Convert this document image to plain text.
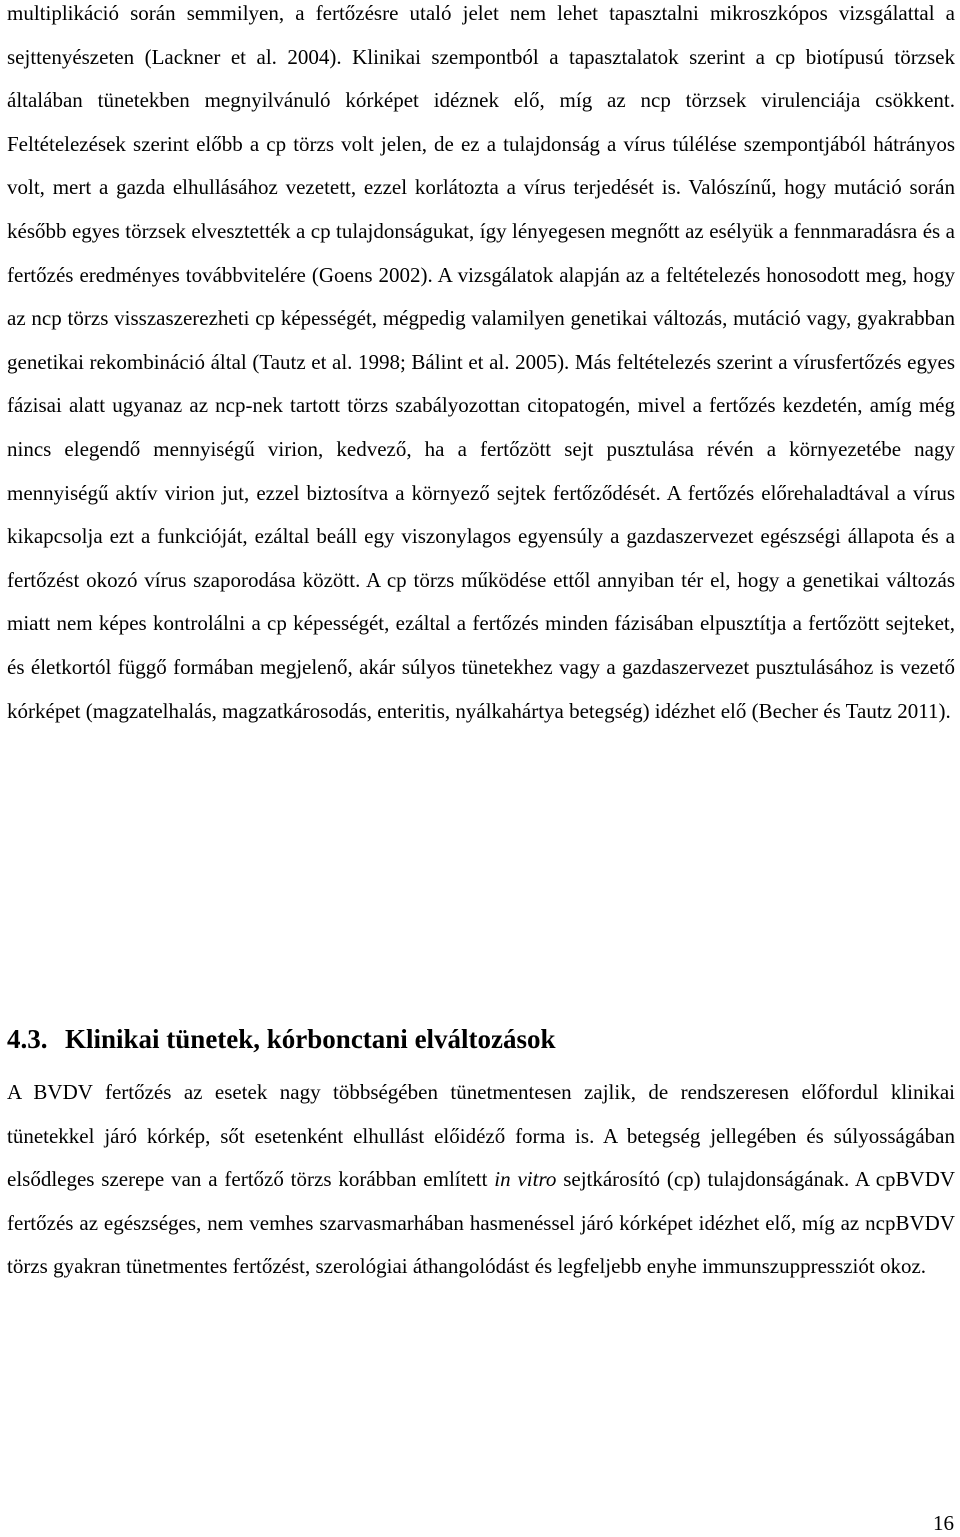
multiplikáció során semmilyen, a fertőzésre utaló jelet nem lehet tapasztalni mikroszkópos vizsgálattal a sejttenyészeten (Lackner et al. 2004). Klinikai szempontból a tapasztalatok szerint a cp biotípusú törzsek általában tünetekben megnyilvánuló kórképet idéznek elő, míg az ncp törzsek virulenciája csökkent. Feltételezések szerint előbb a cp törzs volt jelen, de ez a tulajdonság a vírus túlélése szempontjából hátrányos volt, mert a gazda elhullásához vezetett, ezzel korlátozta a vírus terjedését is. Valószínű, hogy mutáció során később egyes törzsek elvesztették a cp tulajdonságukat, így lényegesen megnőtt az esélyük a fennmaradásra és a fertőzés eredményes továbbvitelére (Goens 2002). A vizsgálatok alapján az a feltételezés honosodott meg, hogy az ncp törzs visszaszerezheti cp képességét, mégpedig valamilyen genetikai változás, mutáció vagy, gyakrabban genetikai rekombináció által (Tautz et al. 1998; Bálint et al. 2005). Más feltételezés szerint a vírusfertőzés egyes fázisai alatt ugyanaz az ncp-nek tartott törzs szabályozottan citopatogén, mivel a fertőzés kezdetén, amíg még nincs elegendő mennyiségű virion, kedvező, ha a fertőzött sejt pusztulása révén a környezetébe nagy mennyiségű aktív virion jut, ezzel biztosítva a környező sejtek fertőződését. A fertőzés előrehaladtával a vírus kikapcsolja ezt a funkcióját, ezáltal beáll egy viszonylagos egyensúly a gazdaszervezet egészségi állapota és a fertőzést okozó vírus szaporodása között. A cp törzs működése ettől annyiban tér el, hogy a genetikai változás miatt nem képes kontrolálni a cp képességét, ezáltal a fertőzés minden fázisában elpusztítja a fertőzött sejteket, és életkortól függő formában megjelenő, akár súlyos tünetekhez vagy a gazdaszervezet pusztulásához is vezető kórképet (magzatelhalás, magzatkárosodás, enteritis, nyálkahártya betegség) idézhet elő (Becher és Tautz 2011).

4.3. Klinikai tünetek, kórbonctani elváltozások

A BVDV fertőzés az esetek nagy többségében tünetmentesen zajlik, de rendszeresen előfordul klinikai tünetekkel járó kórkép, sőt esetenként elhullást előidéző forma is. A betegség jellegében és súlyosságában elsődleges szerepe van a fertőző törzs korábban említett in vitro sejtkárosító (cp) tulajdonságának. A cpBVDV fertőzés az egészséges, nem vemhes szarvasmarhában hasmenéssel járó kórképet idézhet elő, míg az ncpBVDV törzs gyakran tünetmentes fertőzést, szerológiai áthangolódást és legfeljebb enyhe immunszuppressziót okoz.

16
